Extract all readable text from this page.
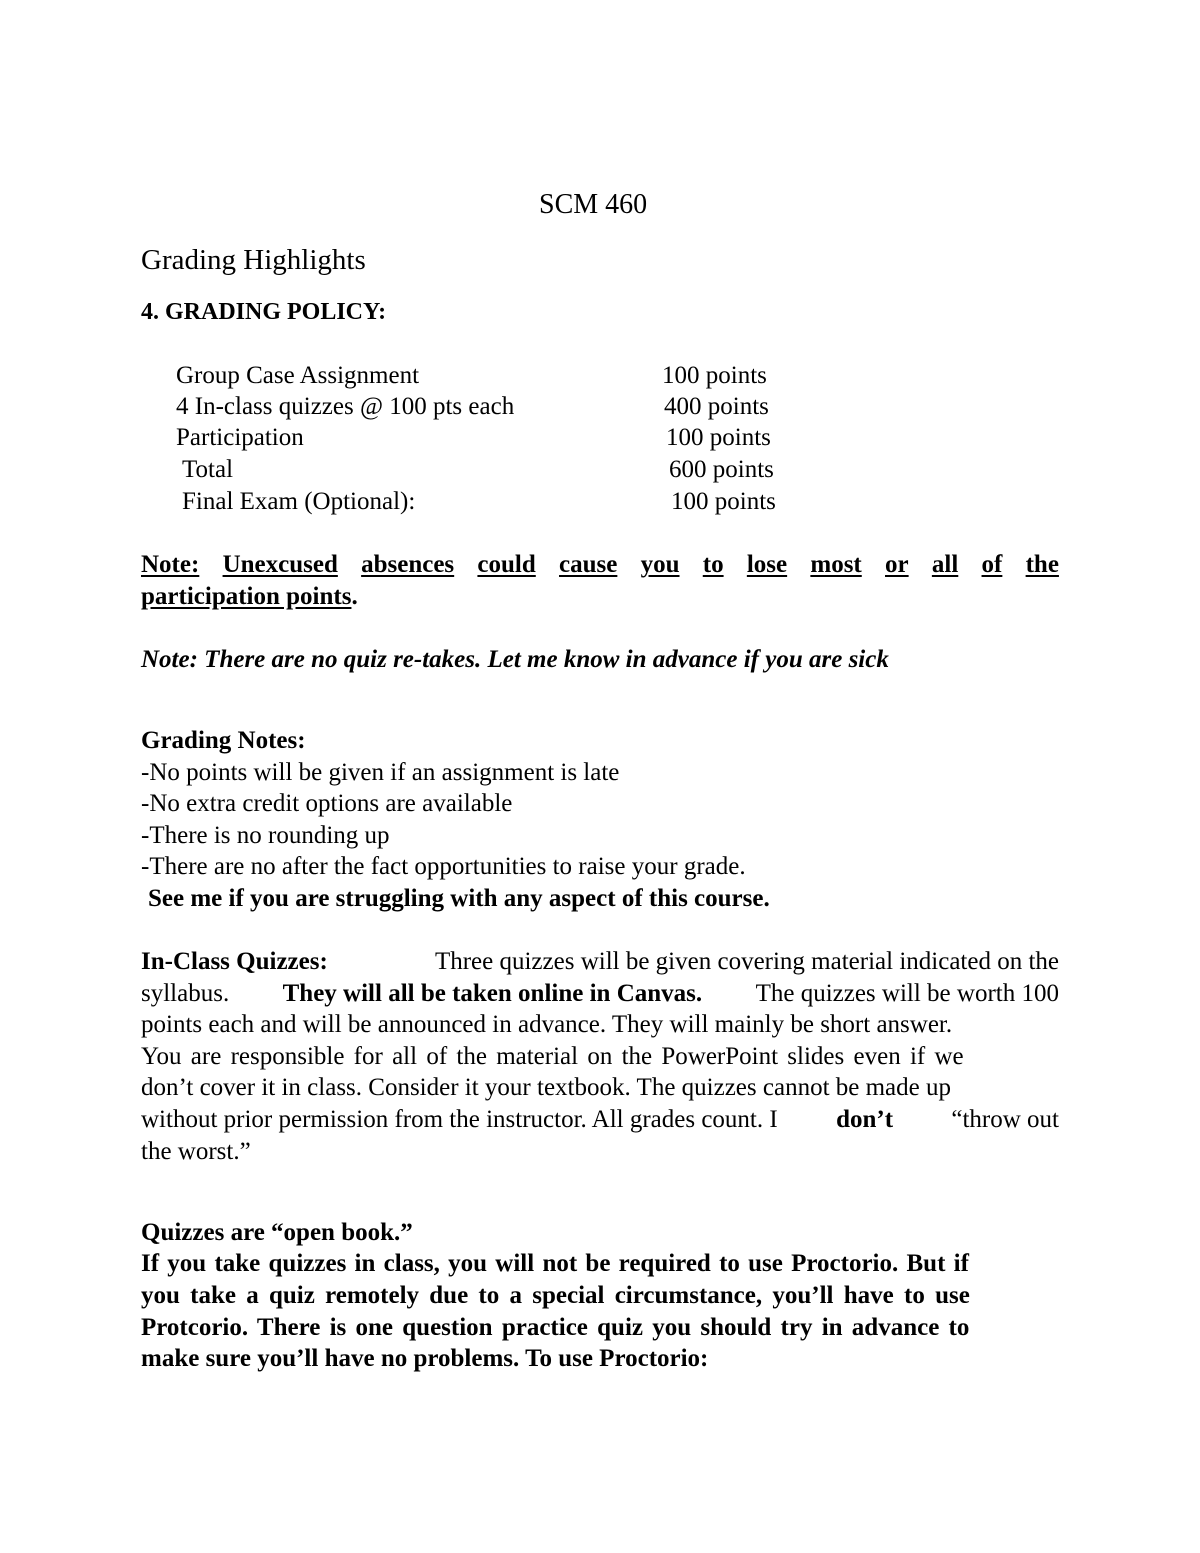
SCM 460
Grading Highlights
4. GRADING POLICY:
Group Case Assignment	100 points
4 In-class quizzes @ 100 pts each	400 points
Participation	100 points
Total	600 points
Final Exam (Optional):	100 points
Note: Unexcused absences could cause you to lose most or all of the
participation points.
Note: There are no quiz re-takes. Let me know in advance if you are sick
Grading Notes:
-No points will be given if an assignment is late
-No extra credit options are available
-There is no rounding up
-There are no after the fact opportunities to raise your grade.
See me if you are struggling with any aspect of this course.
In-Class Quizzes:	Three quizzes will be given covering material indicated on the
syllabus. They will all be taken online in Canvas. The quizzes will be worth 100
points each and will be announced in advance. They will mainly be short answer.
You are responsible for all of the material on the PowerPoint slides even if we
don’t cover it in class. Consider it your textbook. The quizzes cannot be made up
without prior permission from the instructor. All grades count. I don’t “throw out
the worst.”
Quizzes are “open book.”
If you take quizzes in class, you will not be required to use Proctorio. But if
you take a quiz remotely due to a special circumstance, you’ll have to use
Protcorio. There is one question practice quiz you should try in advance to
make sure you’ll have no problems. To use Proctorio:
